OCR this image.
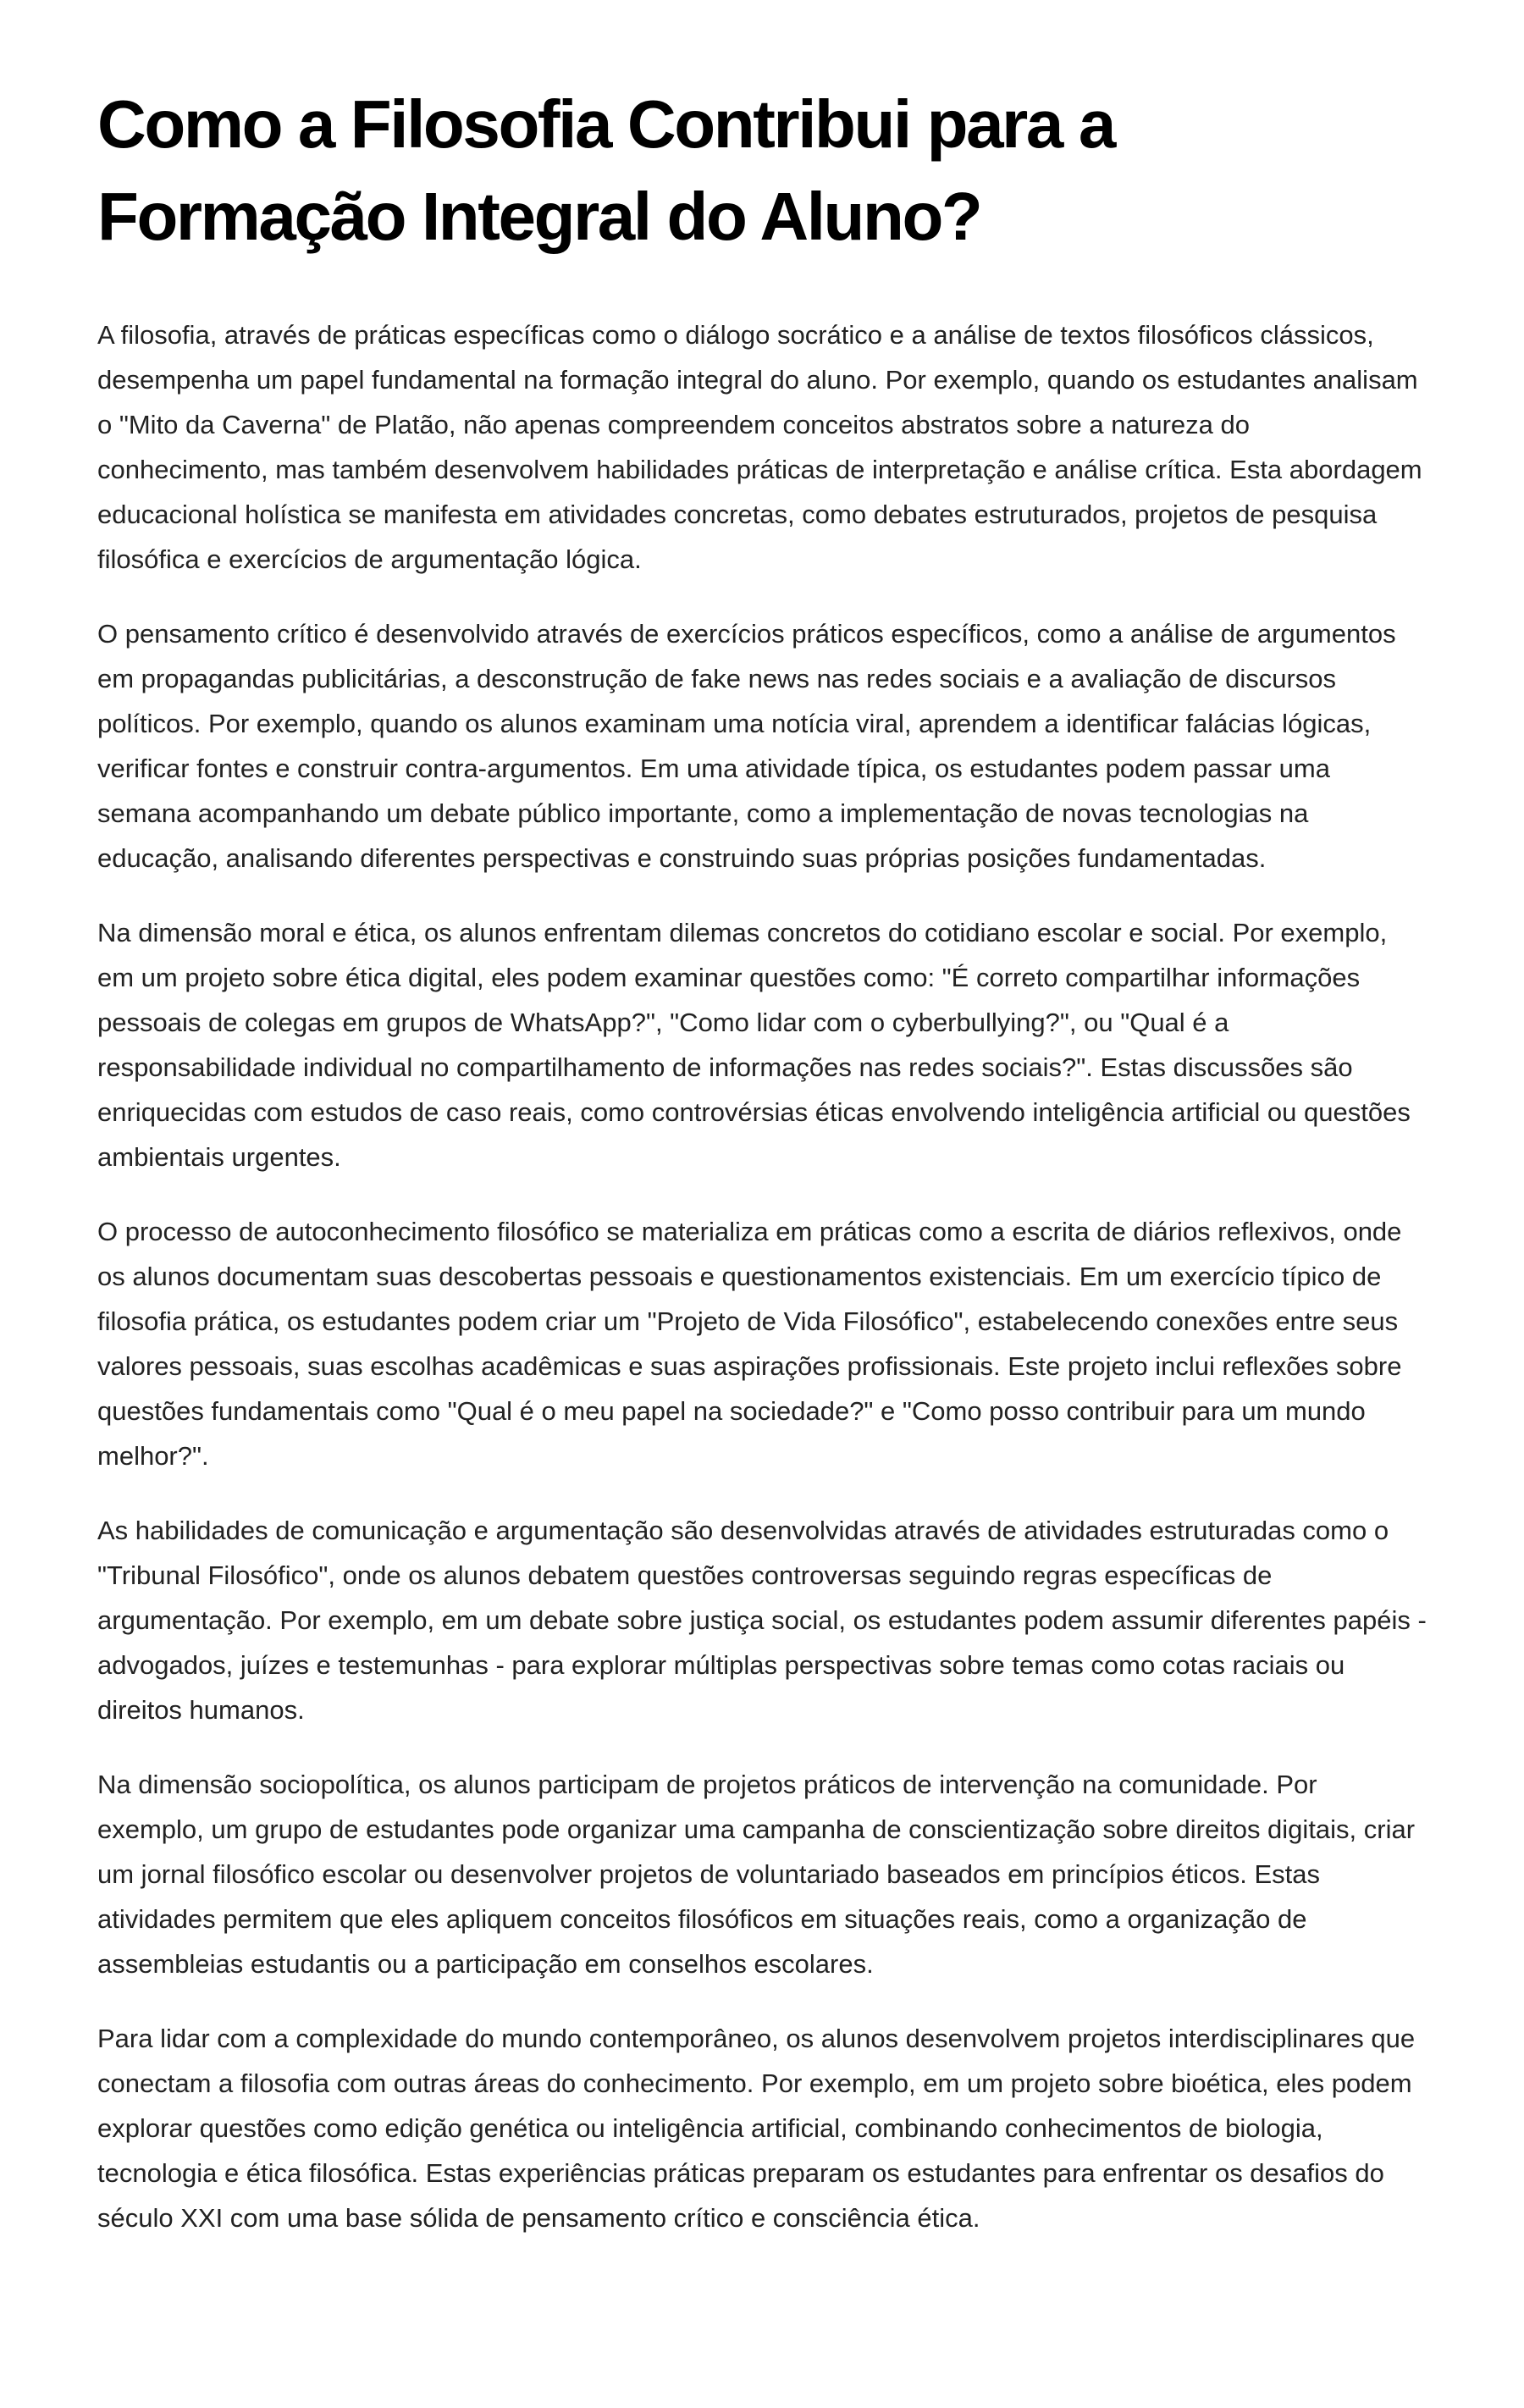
Como a Filosofia Contribui para a Formação Integral do Aluno?

A filosofia, através de práticas específicas como o diálogo socrático e a análise de textos filosóficos clássicos, desempenha um papel fundamental na formação integral do aluno. Por exemplo, quando os estudantes analisam o "Mito da Caverna" de Platão, não apenas compreendem conceitos abstratos sobre a natureza do conhecimento, mas também desenvolvem habilidades práticas de interpretação e análise crítica. Esta abordagem educacional holística se manifesta em atividades concretas, como debates estruturados, projetos de pesquisa filosófica e exercícios de argumentação lógica.

O pensamento crítico é desenvolvido através de exercícios práticos específicos, como a análise de argumentos em propagandas publicitárias, a desconstrução de fake news nas redes sociais e a avaliação de discursos políticos. Por exemplo, quando os alunos examinam uma notícia viral, aprendem a identificar falácias lógicas, verificar fontes e construir contra-argumentos. Em uma atividade típica, os estudantes podem passar uma semana acompanhando um debate público importante, como a implementação de novas tecnologias na educação, analisando diferentes perspectivas e construindo suas próprias posições fundamentadas.

Na dimensão moral e ética, os alunos enfrentam dilemas concretos do cotidiano escolar e social. Por exemplo, em um projeto sobre ética digital, eles podem examinar questões como: "É correto compartilhar informações pessoais de colegas em grupos de WhatsApp?", "Como lidar com o cyberbullying?", ou "Qual é a responsabilidade individual no compartilhamento de informações nas redes sociais?". Estas discussões são enriquecidas com estudos de caso reais, como controvérsias éticas envolvendo inteligência artificial ou questões ambientais urgentes.

O processo de autoconhecimento filosófico se materializa em práticas como a escrita de diários reflexivos, onde os alunos documentam suas descobertas pessoais e questionamentos existenciais. Em um exercício típico de filosofia prática, os estudantes podem criar um "Projeto de Vida Filosófico", estabelecendo conexões entre seus valores pessoais, suas escolhas acadêmicas e suas aspirações profissionais. Este projeto inclui reflexões sobre questões fundamentais como "Qual é o meu papel na sociedade?" e "Como posso contribuir para um mundo melhor?".

As habilidades de comunicação e argumentação são desenvolvidas através de atividades estruturadas como o "Tribunal Filosófico", onde os alunos debatem questões controversas seguindo regras específicas de argumentação. Por exemplo, em um debate sobre justiça social, os estudantes podem assumir diferentes papéis - advogados, juízes e testemunhas - para explorar múltiplas perspectivas sobre temas como cotas raciais ou direitos humanos.

Na dimensão sociopolítica, os alunos participam de projetos práticos de intervenção na comunidade. Por exemplo, um grupo de estudantes pode organizar uma campanha de conscientização sobre direitos digitais, criar um jornal filosófico escolar ou desenvolver projetos de voluntariado baseados em princípios éticos. Estas atividades permitem que eles apliquem conceitos filosóficos em situações reais, como a organização de assembleias estudantis ou a participação em conselhos escolares.

Para lidar com a complexidade do mundo contemporâneo, os alunos desenvolvem projetos interdisciplinares que conectam a filosofia com outras áreas do conhecimento. Por exemplo, em um projeto sobre bioética, eles podem explorar questões como edição genética ou inteligência artificial, combinando conhecimentos de biologia, tecnologia e ética filosófica. Estas experiências práticas preparam os estudantes para enfrentar os desafios do século XXI com uma base sólida de pensamento crítico e consciência ética.
